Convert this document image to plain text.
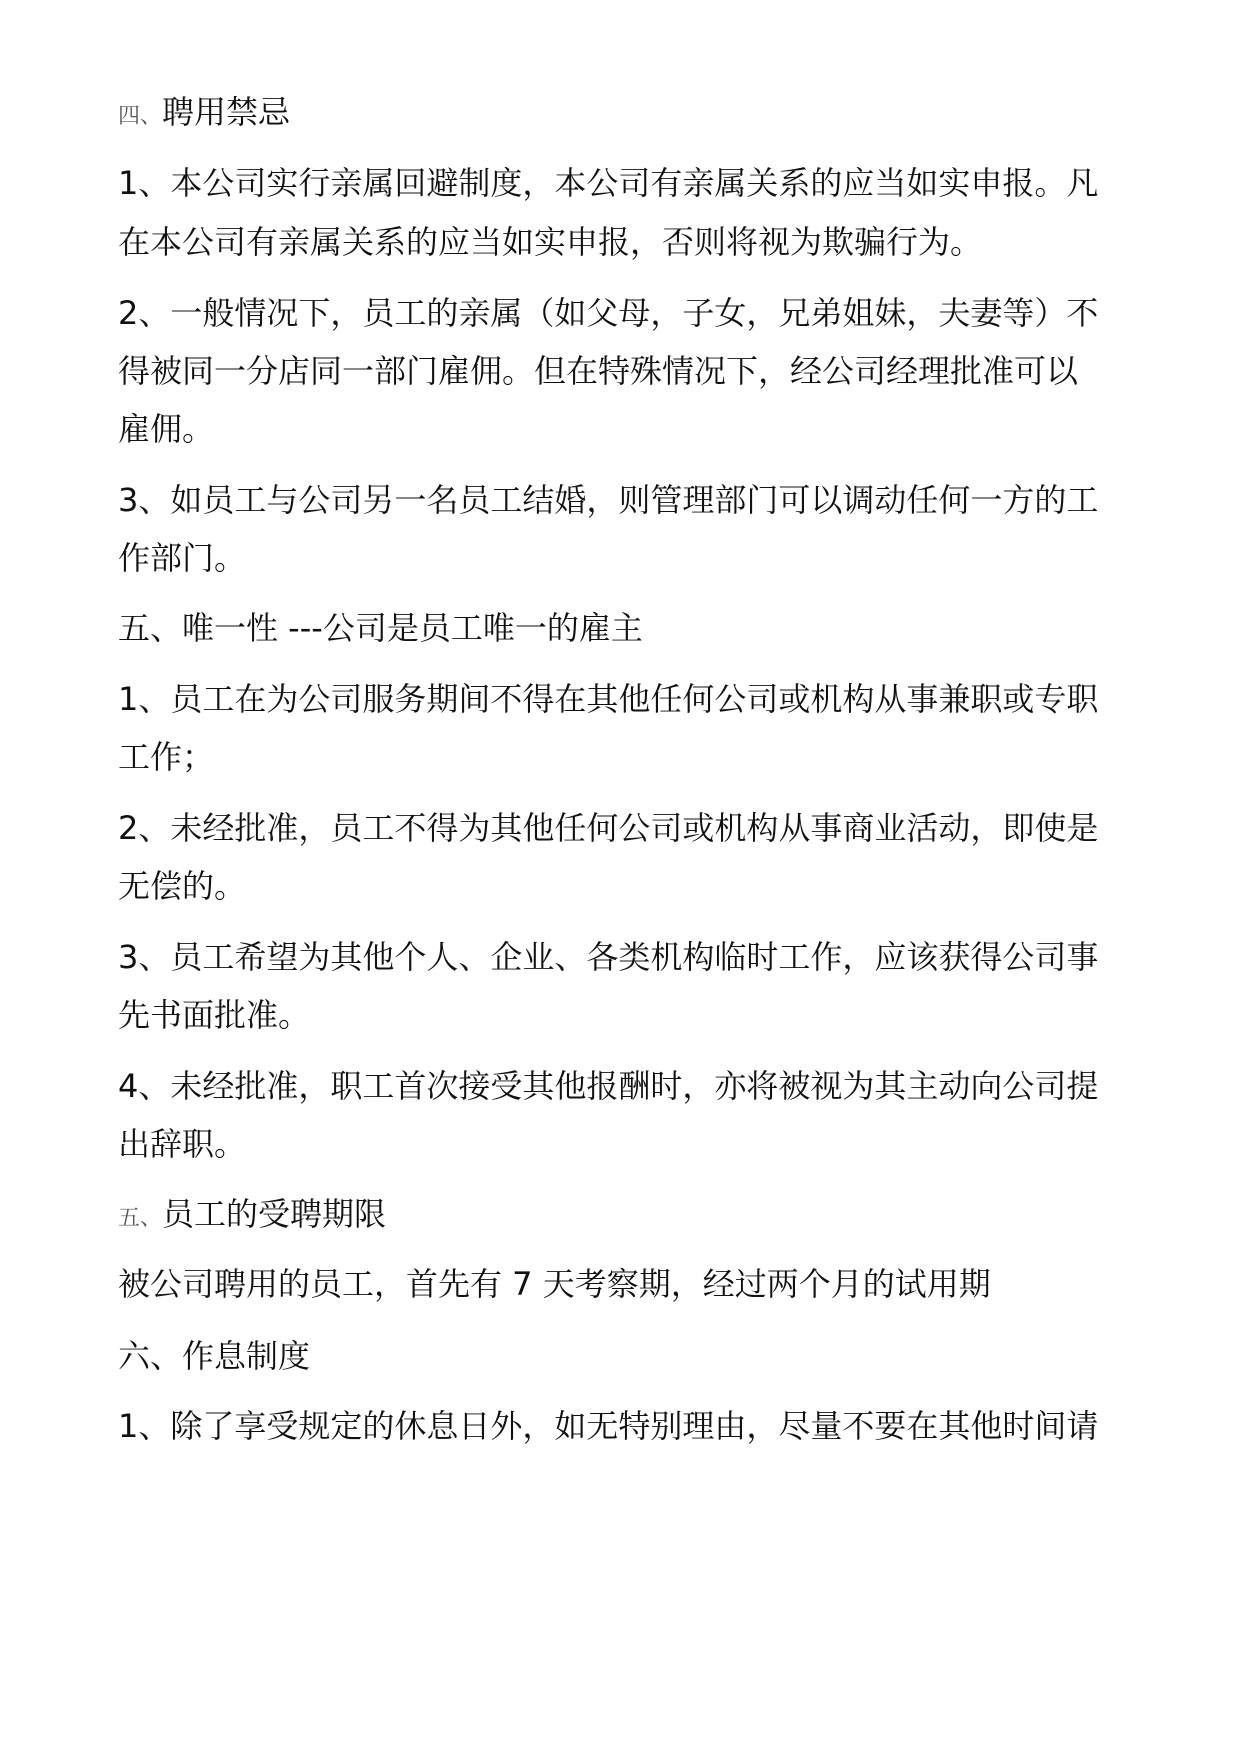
四、聘用禁忌
1、本公司实行亲属回避制度，本公司有亲属关系的应当如实申报。凡
在本公司有亲属关系的应当如实申报，否则将视为欺骗行为。
2、一般情况下，员工的亲属（如父母，子女，兄弟姐妹，夫妻等）不
得被同一分店同一部门雇佣。但在特殊情况下，经公司经理批准可以
雇佣。
3、如员工与公司另一名员工结婚，则管理部门可以调动任何一方的工
作部门。
五、唯一性 ---公司是员工唯一的雇主
1、员工在为公司服务期间不得在其他任何公司或机构从事兼职或专职
工作；
2、未经批准，员工不得为其他任何公司或机构从事商业活动，即使是
无偿的。
3、员工希望为其他个人、企业、各类机构临时工作，应该获得公司事
先书面批准。
4、未经批准，职工首次接受其他报酬时，亦将被视为其主动向公司提
出辞职。
五、员工的受聘期限
被公司聘用的员工，首先有 7 天考察期，经过两个月的试用期
六、作息制度
1、除了享受规定的休息日外，如无特别理由，尽量不要在其他时间请
